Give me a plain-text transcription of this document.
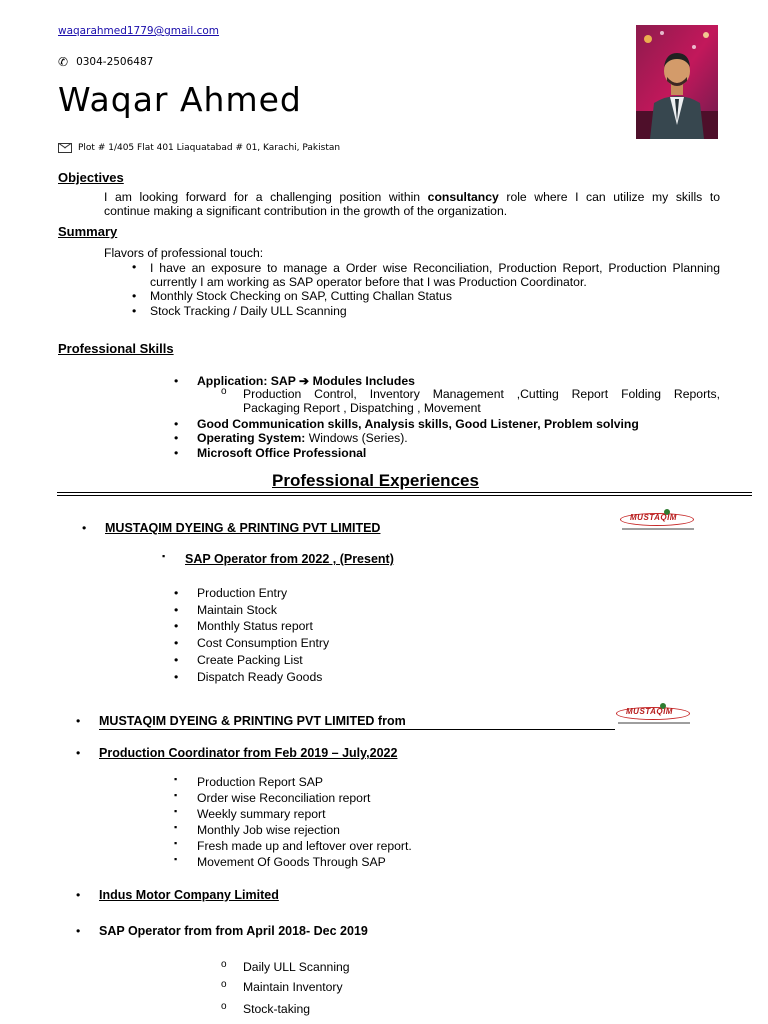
waqarahmed1779@gmail.com
✆ 0304-2506487
Waqar Ahmed
Plot # 1/405 Flat 401 Liaquatabad # 01, Karachi, Pakistan
Objectives
I am looking forward for a challenging position within consultancy role where I can utilize my skills to
continue making a significant contribution in the growth of the organization.
Summary
Flavors of professional touch:
• I have an exposure to manage a Order wise Reconciliation, Production Report, Production Planning
currently I am working as SAP operator before that I was Production Coordinator.
• Monthly Stock Checking on SAP, Cutting Challan Status
• Stock Tracking / Daily ULL Scanning
Professional Skills
• Application: SAP ➔ Modules Includes
o Production Control, Inventory Management ,Cutting Report Folding Reports,
Packaging Report , Dispatching , Movement
• Good Communication skills, Analysis skills, Good Listener, Problem solving
• Operating System: Windows (Series).
• Microsoft Office Professional
Professional Experiences
• MUSTAQIM DYEING & PRINTING PVT LIMITED
MUSTAQIM
▪ SAP Operator from 2022 , (Present)
• Production Entry
• Maintain Stock
• Monthly Status report
• Cost Consumption Entry
• Create Packing List
• Dispatch Ready Goods
• MUSTAQIM DYEING & PRINTING PVT LIMITED from
MUSTAQIM
• Production Coordinator from Feb 2019 – July,2022
▪ Production Report SAP
▪ Order wise Reconciliation report
▪ Weekly summary report
▪ Monthly Job wise rejection
▪ Fresh made up and leftover over report.
▪ Movement Of Goods Through SAP
• Indus Motor Company Limited
• SAP Operator from from April 2018- Dec 2019
o Daily ULL Scanning
o Maintain Inventory
o Stock-taking
